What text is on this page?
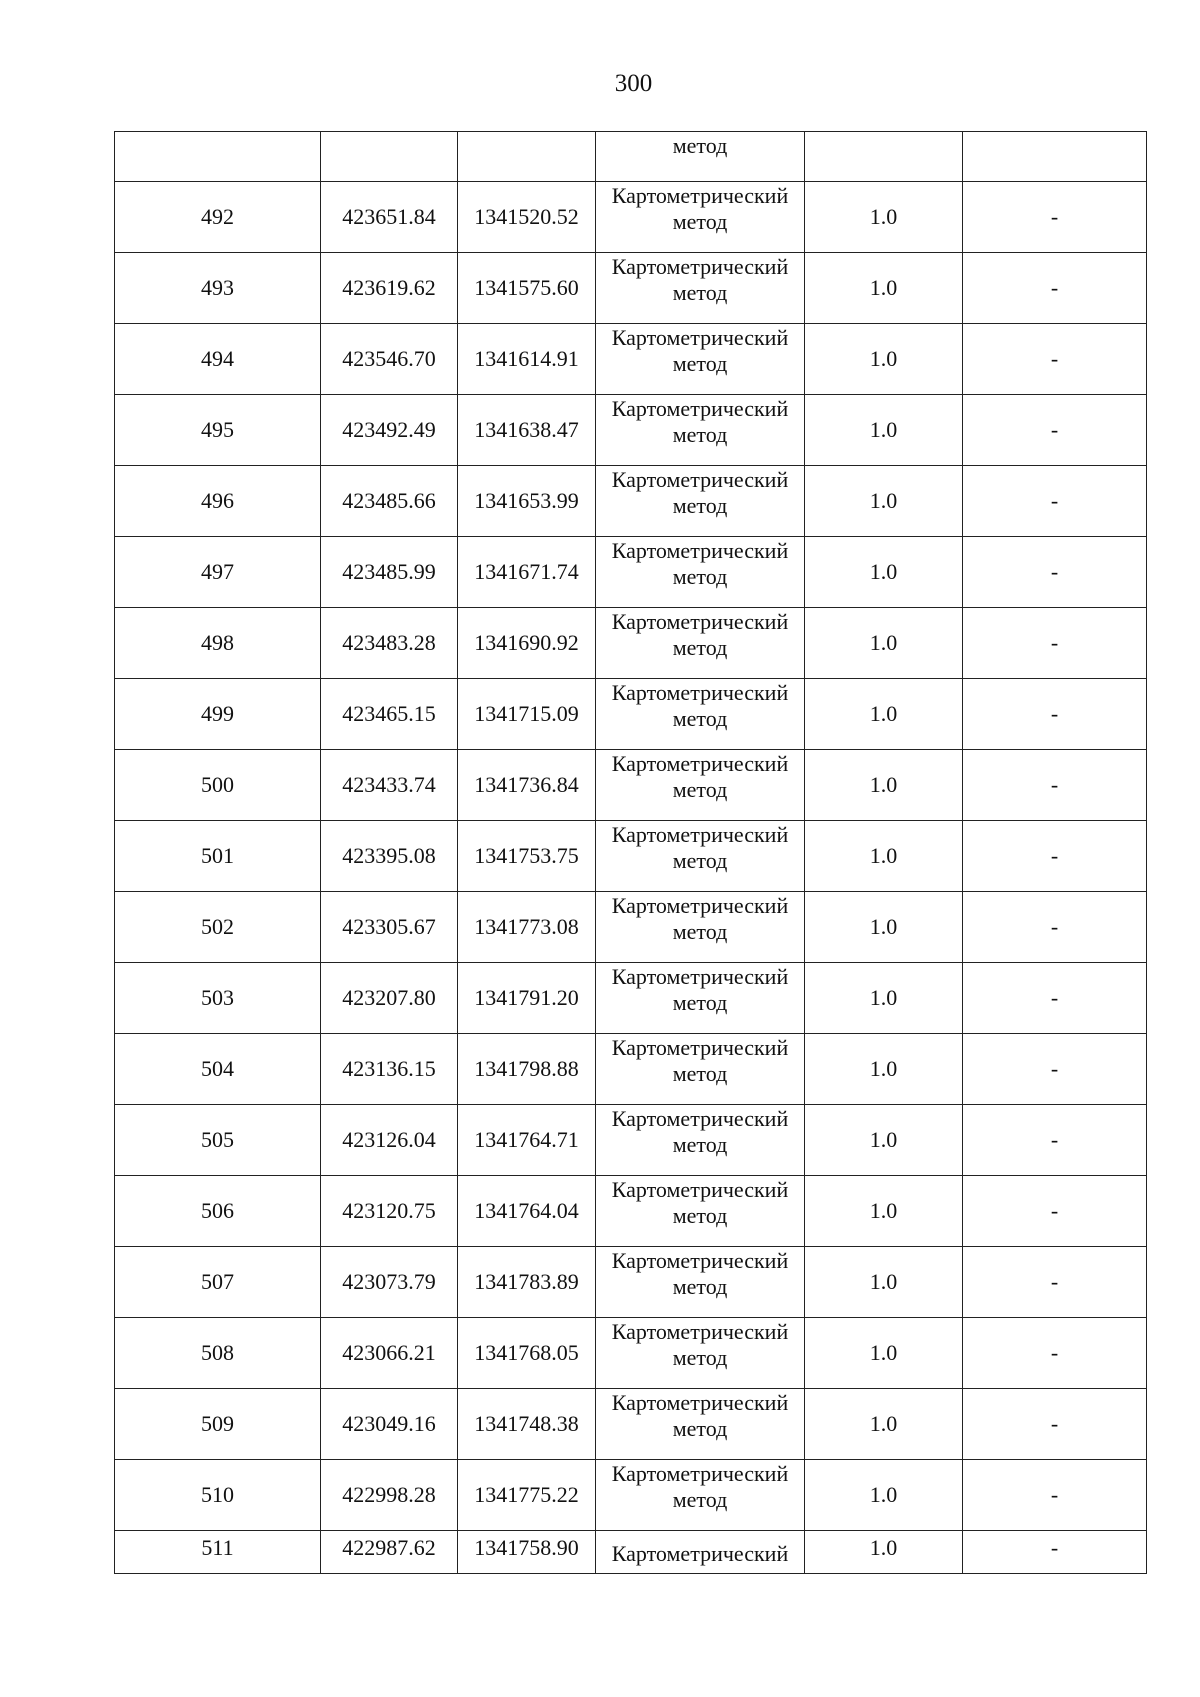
300
			метод		
492	423651.84	1341520.52	Картометрический
метод	1.0	-
493	423619.62	1341575.60	Картометрический
метод	1.0	-
494	423546.70	1341614.91	Картометрический
метод	1.0	-
495	423492.49	1341638.47	Картометрический
метод	1.0	-
496	423485.66	1341653.99	Картометрический
метод	1.0	-
497	423485.99	1341671.74	Картометрический
метод	1.0	-
498	423483.28	1341690.92	Картометрический
метод	1.0	-
499	423465.15	1341715.09	Картометрический
метод	1.0	-
500	423433.74	1341736.84	Картометрический
метод	1.0	-
501	423395.08	1341753.75	Картометрический
метод	1.0	-
502	423305.67	1341773.08	Картометрический
метод	1.0	-
503	423207.80	1341791.20	Картометрический
метод	1.0	-
504	423136.15	1341798.88	Картометрический
метод	1.0	-
505	423126.04	1341764.71	Картометрический
метод	1.0	-
506	423120.75	1341764.04	Картометрический
метод	1.0	-
507	423073.79	1341783.89	Картометрический
метод	1.0	-
508	423066.21	1341768.05	Картометрический
метод	1.0	-
509	423049.16	1341748.38	Картометрический
метод	1.0	-
510	422998.28	1341775.22	Картометрический
метод	1.0	-
511	422987.62	1341758.90	Картометрический	1.0	-
